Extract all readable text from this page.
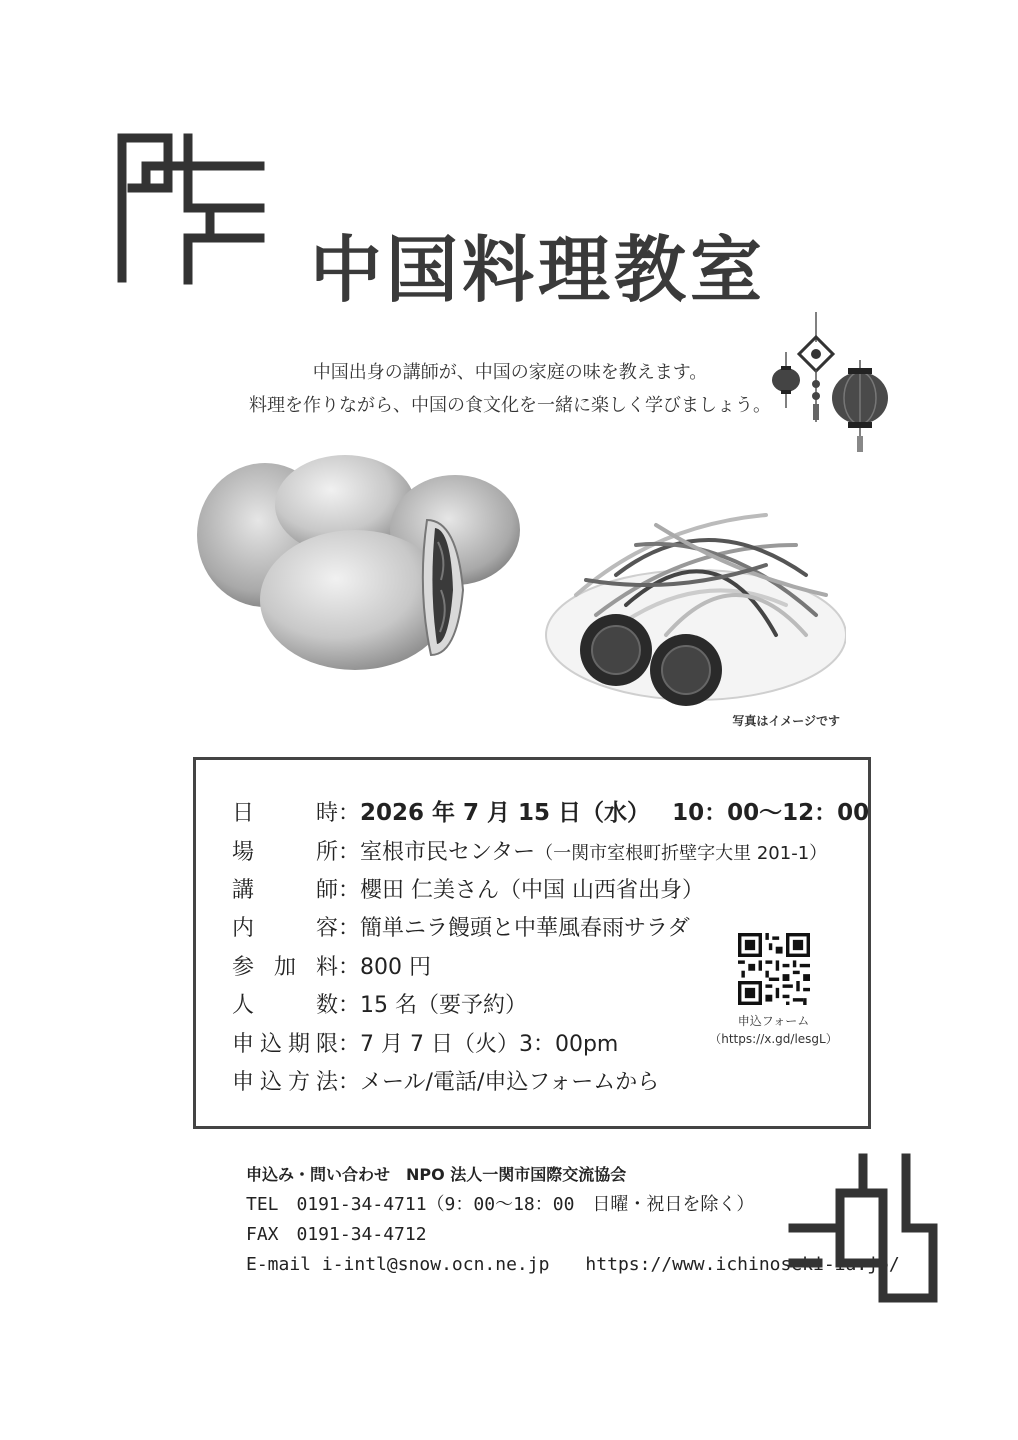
中国料理教室
中国出身の講師が、中国の家庭の味を教えます。
料理を作りながら、中国の食文化を一緒に楽しく学びましょう。
写真はイメージです
日 時：2026 年 7 月 15 日（水） 10：00〜12：00
場 所：室根市民センター（一関市室根町折壁字大里 201-1）
講 師：櫻田 仁美さん（中国 山西省出身）
内 容：簡単ニラ饅頭と中華風春雨サラダ
参 加 料：800 円
人 数：15 名（要予約）
申込期限：7 月 7 日（火）3：00pm
申込方法：メール/電話/申込フォームから
申込フォーム
（https://x.gd/lesgL）
申込み・問い合わせ　NPO 法人一関市国際交流協会
TEL　0191-34-4711（9：00〜18：00　日曜・祝日を除く）
FAX　0191-34-4712
E-mail i-intl@snow.ocn.ne.jp　　https://www.ichinoseki-ia.jp/
